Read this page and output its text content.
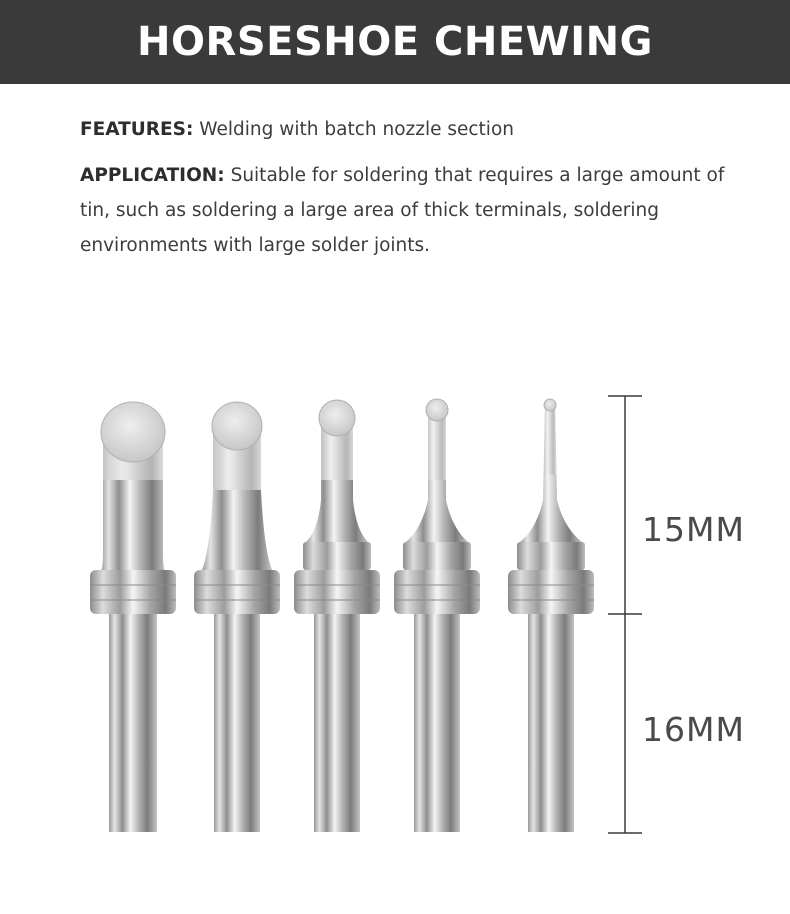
HORSESHOE CHEWING

FEATURES: Welding with batch nozzle section

APPLICATION: Suitable for soldering that requires a large amount of tin, such as soldering a large area of thick terminals, soldering environments with large solder joints.

15MM
16MM
